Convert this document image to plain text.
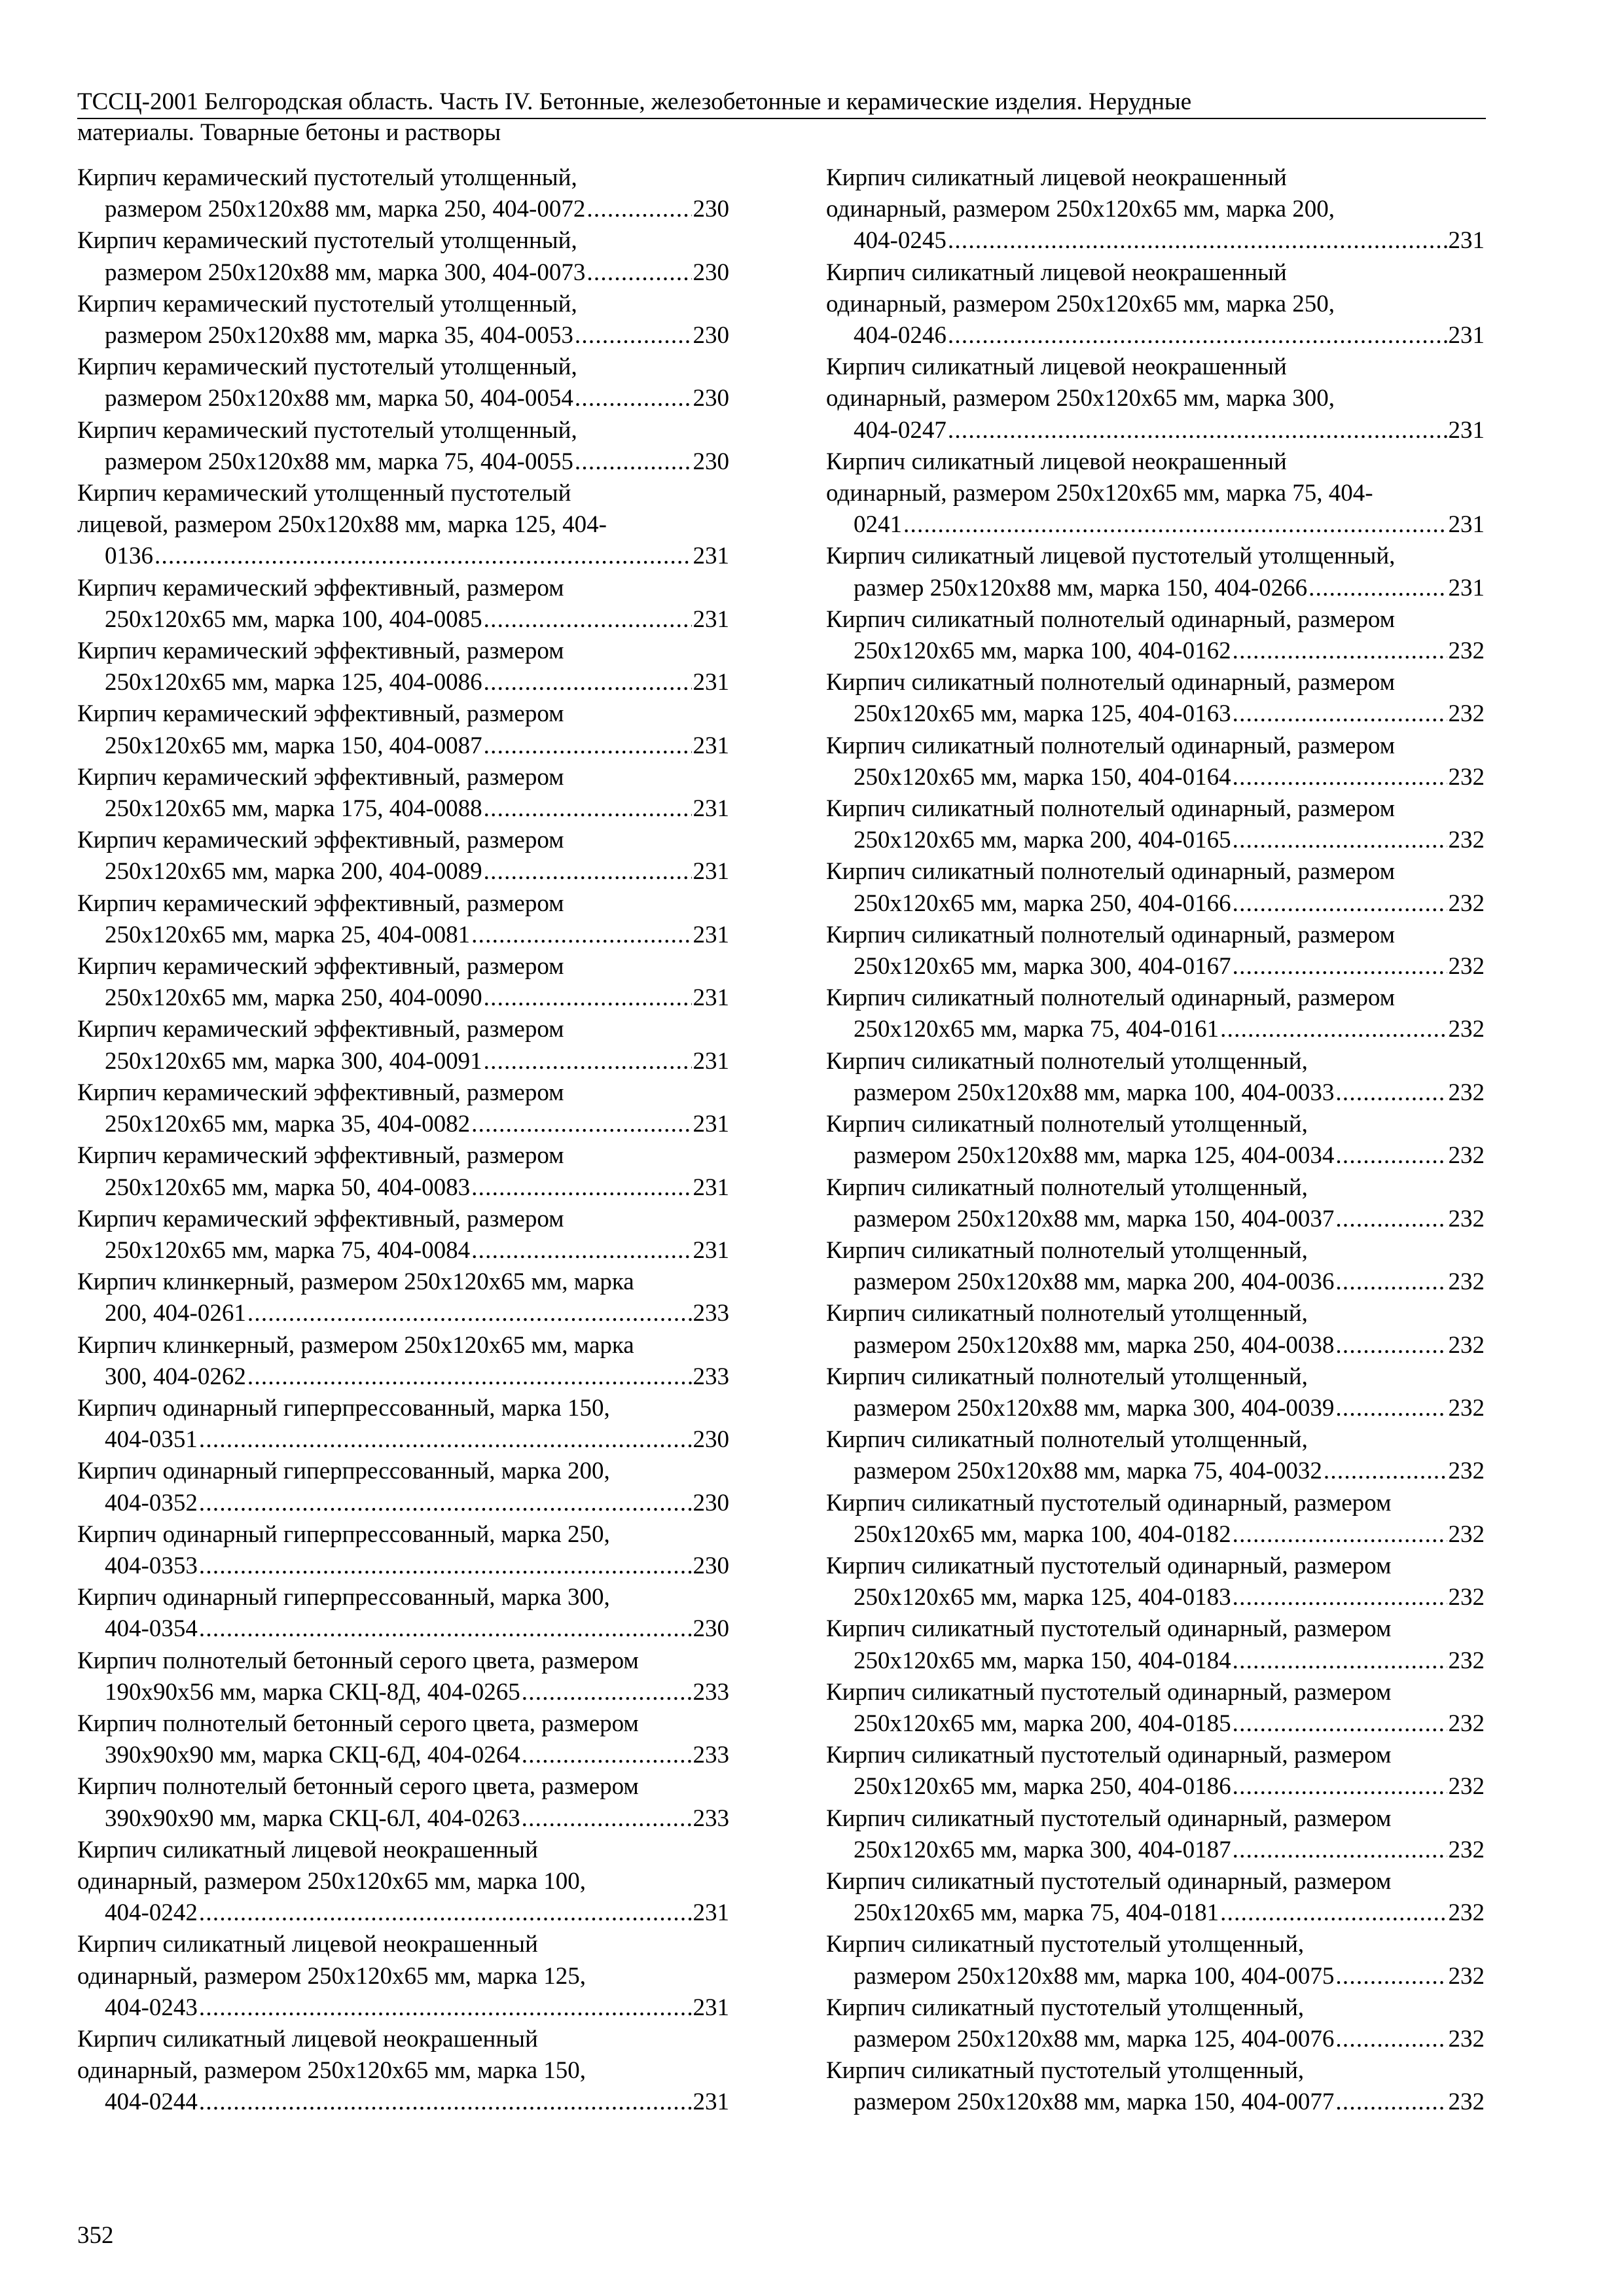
ТССЦ-2001 Белгородская область. Часть IV. Бетонные, железобетонные и керамические изделия. Нерудные
материалы. Товарные бетоны и растворы
Кирпич керамический пустотелый утолщенный,
размером 250x120x88 мм, марка 250, 404-0072 . . .	230
Кирпич керамический пустотелый утолщенный,
размером 250x120x88 мм, марка 300, 404-0073 . . .	230
Кирпич керамический пустотелый утолщенный,
размером 250x120x88 мм, марка 35, 404-0053 . . .	230
Кирпич керамический пустотелый утолщенный,
размером 250x120x88 мм, марка 50, 404-0054 . . .	230
Кирпич керамический пустотелый утолщенный,
размером 250x120x88 мм, марка 75, 404-0055 . . .	230
Кирпич керамический утолщенный пустотелый
лицевой, размером 250x120x88 мм, марка 125, 404-
0136 . . .	231
Кирпич керамический эффективный, размером
250x120x65 мм, марка 100, 404-0085 . . .	231
Кирпич керамический эффективный, размером
250x120x65 мм, марка 125, 404-0086 . . .	231
Кирпич керамический эффективный, размером
250x120x65 мм, марка 150, 404-0087 . . .	231
Кирпич керамический эффективный, размером
250x120x65 мм, марка 175, 404-0088 . . .	231
Кирпич керамический эффективный, размером
250x120x65 мм, марка 200, 404-0089 . . .	231
Кирпич керамический эффективный, размером
250x120x65 мм, марка 25, 404-0081 . . .	231
Кирпич керамический эффективный, размером
250x120x65 мм, марка 250, 404-0090 . . .	231
Кирпич керамический эффективный, размером
250x120x65 мм, марка 300, 404-0091 . . .	231
Кирпич керамический эффективный, размером
250x120x65 мм, марка 35, 404-0082 . . .	231
Кирпич керамический эффективный, размером
250x120x65 мм, марка 50, 404-0083 . . .	231
Кирпич керамический эффективный, размером
250x120x65 мм, марка 75, 404-0084 . . .	231
Кирпич клинкерный, размером 250x120x65 мм, марка
200, 404-0261 . . .	233
Кирпич клинкерный, размером 250x120x65 мм, марка
300, 404-0262 . . .	233
Кирпич одинарный гиперпрессованный, марка 150,
404-0351 . . .	230
Кирпич одинарный гиперпрессованный, марка 200,
404-0352 . . .	230
Кирпич одинарный гиперпрессованный, марка 250,
404-0353 . . .	230
Кирпич одинарный гиперпрессованный, марка 300,
404-0354 . . .	230
Кирпич полнотелый бетонный серого цвета, размером
190x90x56 мм, марка СКЦ-8Д, 404-0265 . . .	233
Кирпич полнотелый бетонный серого цвета, размером
390x90x90 мм, марка СКЦ-6Д, 404-0264 . . .	233
Кирпич полнотелый бетонный серого цвета, размером
390x90x90 мм, марка СКЦ-6Л, 404-0263 . . .	233
Кирпич силикатный лицевой неокрашенный
одинарный, размером 250x120x65 мм, марка 100,
404-0242 . . .	231
Кирпич силикатный лицевой неокрашенный
одинарный, размером 250x120x65 мм, марка 125,
404-0243 . . .	231
Кирпич силикатный лицевой неокрашенный
одинарный, размером 250x120x65 мм, марка 150,
404-0244 . . .	231
Кирпич силикатный лицевой неокрашенный
одинарный, размером 250x120x65 мм, марка 200,
404-0245 . . .	231
Кирпич силикатный лицевой неокрашенный
одинарный, размером 250x120x65 мм, марка 250,
404-0246 . . .	231
Кирпич силикатный лицевой неокрашенный
одинарный, размером 250x120x65 мм, марка 300,
404-0247 . . .	231
Кирпич силикатный лицевой неокрашенный
одинарный, размером 250x120x65 мм, марка 75, 404-
0241 . . .	231
Кирпич силикатный лицевой пустотелый утолщенный,
размер 250x120x88 мм, марка 150, 404-0266 . . .	231
Кирпич силикатный полнотелый одинарный, размером
250x120x65 мм, марка 100, 404-0162 . . .	232
Кирпич силикатный полнотелый одинарный, размером
250x120x65 мм, марка 125, 404-0163 . . .	232
Кирпич силикатный полнотелый одинарный, размером
250x120x65 мм, марка 150, 404-0164 . . .	232
Кирпич силикатный полнотелый одинарный, размером
250x120x65 мм, марка 200, 404-0165 . . .	232
Кирпич силикатный полнотелый одинарный, размером
250x120x65 мм, марка 250, 404-0166 . . .	232
Кирпич силикатный полнотелый одинарный, размером
250x120x65 мм, марка 300, 404-0167 . . .	232
Кирпич силикатный полнотелый одинарный, размером
250x120x65 мм, марка 75, 404-0161 . . .	232
Кирпич силикатный полнотелый утолщенный,
размером 250x120x88 мм, марка 100, 404-0033 . . .	232
Кирпич силикатный полнотелый утолщенный,
размером 250x120x88 мм, марка 125, 404-0034 . . .	232
Кирпич силикатный полнотелый утолщенный,
размером 250x120x88 мм, марка 150, 404-0037 . . .	232
Кирпич силикатный полнотелый утолщенный,
размером 250x120x88 мм, марка 200, 404-0036 . . .	232
Кирпич силикатный полнотелый утолщенный,
размером 250x120x88 мм, марка 250, 404-0038 . . .	232
Кирпич силикатный полнотелый утолщенный,
размером 250x120x88 мм, марка 300, 404-0039 . . .	232
Кирпич силикатный полнотелый утолщенный,
размером 250x120x88 мм, марка 75, 404-0032 . . .	232
Кирпич силикатный пустотелый одинарный, размером
250x120x65 мм, марка 100, 404-0182 . . .	232
Кирпич силикатный пустотелый одинарный, размером
250x120x65 мм, марка 125, 404-0183 . . .	232
Кирпич силикатный пустотелый одинарный, размером
250x120x65 мм, марка 150, 404-0184 . . .	232
Кирпич силикатный пустотелый одинарный, размером
250x120x65 мм, марка 200, 404-0185 . . .	232
Кирпич силикатный пустотелый одинарный, размером
250x120x65 мм, марка 250, 404-0186 . . .	232
Кирпич силикатный пустотелый одинарный, размером
250x120x65 мм, марка 300, 404-0187 . . .	232
Кирпич силикатный пустотелый одинарный, размером
250x120x65 мм, марка 75, 404-0181 . . .	232
Кирпич силикатный пустотелый утолщенный,
размером 250x120x88 мм, марка 100, 404-0075 . . .	232
Кирпич силикатный пустотелый утолщенный,
размером 250x120x88 мм, марка 125, 404-0076 . . .	232
Кирпич силикатный пустотелый утолщенный,
размером 250x120x88 мм, марка 150, 404-0077 . . .	232
352
